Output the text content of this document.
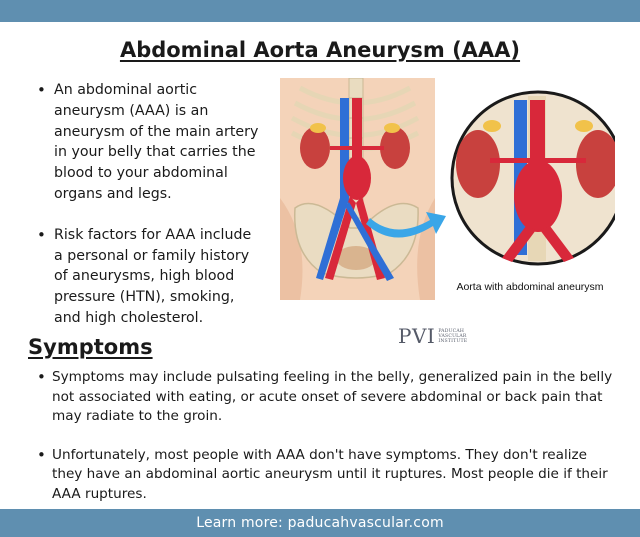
Abdominal Aorta Aneurysm (AAA)
• An abdominal aortic aneurysm (AAA) is an aneurysm of the main artery in your belly that carries the blood to your abdominal organs and legs.
• Risk factors for AAA include a personal or family history of aneurysms, high blood pressure (HTN), smoking, and high cholesterol.
Aorta with abdominal aneurysm
PVI PADUCAH
VASCULAR
INSTITUTE
Symptoms
• Symptoms may include pulsating feeling in the belly, generalized pain in the belly not associated with eating, or acute onset of severe abdominal or back pain that may radiate to the groin.
• Unfortunately, most people with AAA don't have symptoms. They don't realize they have an abdominal aortic aneurysm until it ruptures. Most people die if their AAA ruptures.
Learn more: paducahvascular.com
